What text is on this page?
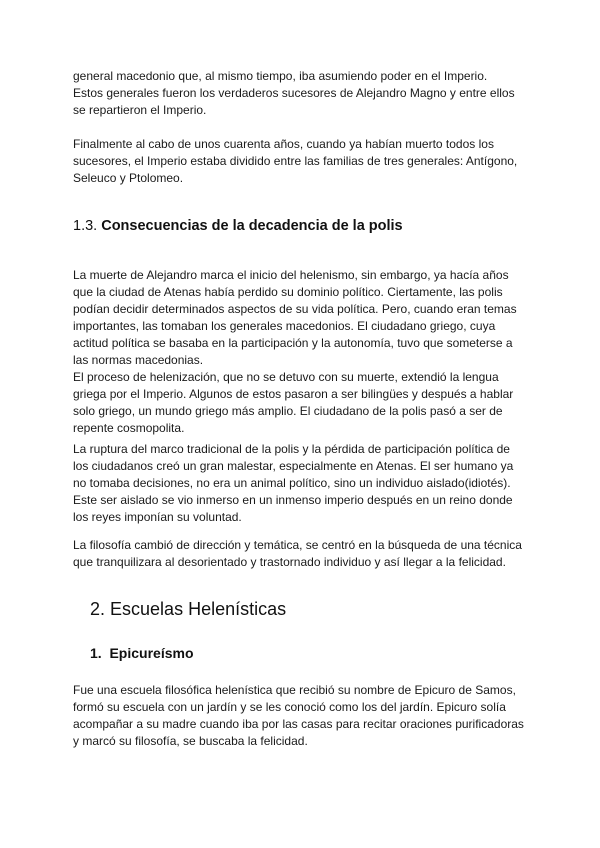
general macedonio que, al mismo tiempo, iba asumiendo poder en el Imperio.
Estos generales fueron los verdaderos sucesores de Alejandro Magno y entre ellos
se repartieron el Imperio.

Finalmente al cabo de unos cuarenta años, cuando ya habían muerto todos los
sucesores, el Imperio estaba dividido entre las familias de tres generales: Antígono,
Seleuco y Ptolomeo.

1.3. Consecuencias de la decadencia de la polis

La muerte de Alejandro marca el inicio del helenismo, sin embargo, ya hacía años
que la ciudad de Atenas había perdido su dominio político. Ciertamente, las polis
podían decidir determinados aspectos de su vida política. Pero, cuando eran temas
importantes, las tomaban los generales macedonios. El ciudadano griego, cuya
actitud política se basaba en la participación y la autonomía, tuvo que someterse a
las normas macedonias.
El proceso de helenización, que no se detuvo con su muerte, extendió la lengua
griega por el Imperio. Algunos de estos pasaron a ser bilingües y después a hablar
solo griego, un mundo griego más amplio. El ciudadano de la polis pasó a ser de
repente cosmopolita.

La ruptura del marco tradicional de la polis y la pérdida de participación política de
los ciudadanos creó un gran malestar, especialmente en Atenas. El ser humano ya
no tomaba decisiones, no era un animal político, sino un individuo aislado(idiotés).
Este ser aislado se vio inmerso en un inmenso imperio después en un reino donde
los reyes imponían su voluntad.

La filosofía cambió de dirección y temática, se centró en la búsqueda de una técnica
que tranquilizara al desorientado y trastornado individuo y así llegar a la felicidad.

2. Escuelas Helenísticas
1. Epicureísmo

Fue una escuela filosófica helenística que recibió su nombre de Epicuro de Samos,
formó su escuela con un jardín y se les conoció como los del jardín. Epicuro solía
acompañar a su madre cuando iba por las casas para recitar oraciones purificadoras
y marcó su filosofía, se buscaba la felicidad.
